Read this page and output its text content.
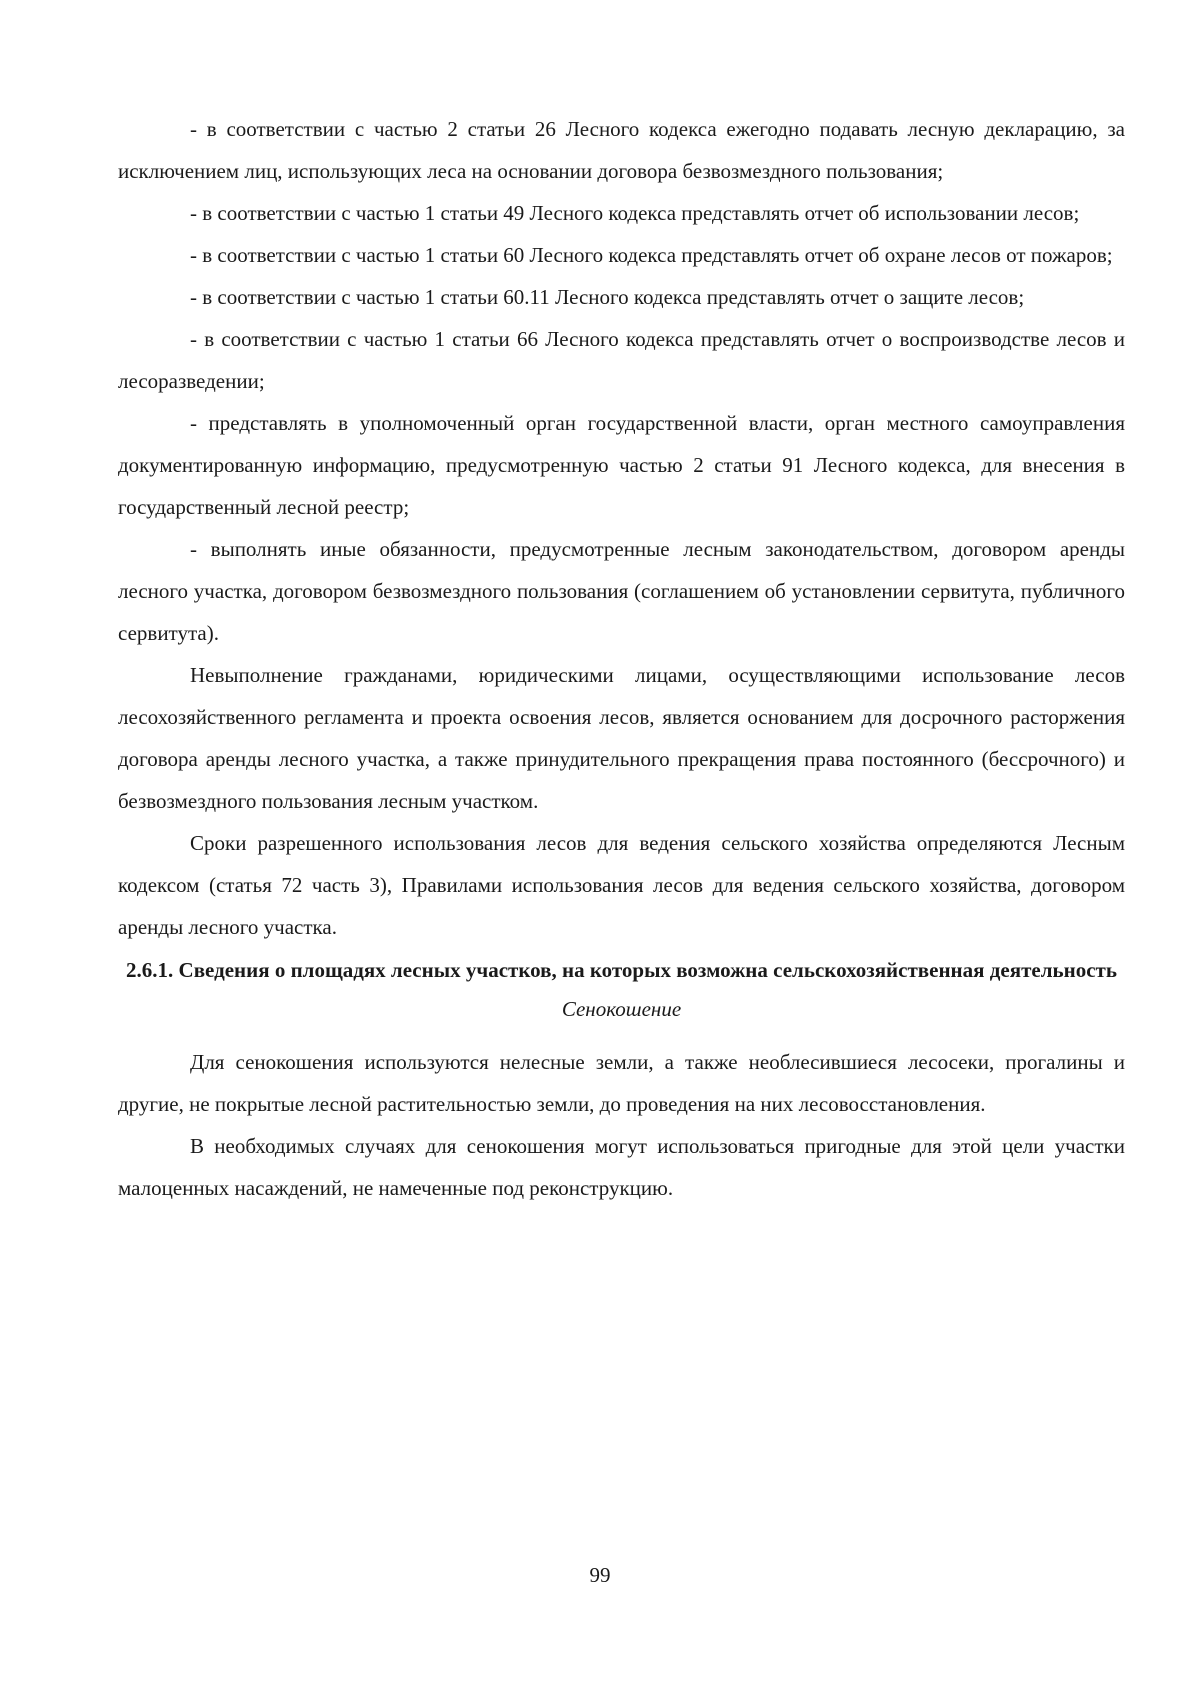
- в соответствии с частью 2 статьи 26 Лесного кодекса ежегодно подавать лесную декларацию, за исключением лиц, использующих леса на основании договора безвозмездного пользования;

- в соответствии с частью 1 статьи 49 Лесного кодекса представлять отчет об использовании лесов;

- в соответствии с частью 1 статьи 60 Лесного кодекса представлять отчет об охране лесов от пожаров;

- в соответствии с частью 1 статьи 60.11 Лесного кодекса представлять отчет о защите лесов;

- в соответствии с частью 1 статьи 66 Лесного кодекса представлять отчет о воспроизводстве лесов и лесоразведении;

- представлять в уполномоченный орган государственной власти, орган местного самоуправления документированную информацию, предусмотренную частью 2 статьи 91 Лесного кодекса, для внесения в государственный лесной реестр;

- выполнять иные обязанности, предусмотренные лесным законодательством, договором аренды лесного участка, договором безвозмездного пользования (соглашением об установлении сервитута, публичного сервитута).

Невыполнение гражданами, юридическими лицами, осуществляющими использование лесов лесохозяйственного регламента и проекта освоения лесов, является основанием для досрочного расторжения договора аренды лесного участка, а также принудительного прекращения права постоянного (бессрочного) и безвозмездного пользования лесным участком.

Сроки разрешенного использования лесов для ведения сельского хозяйства определяются Лесным кодексом (статья 72 часть 3), Правилами использования лесов для ведения сельского хозяйства, договором аренды лесного участка.

2.6.1. Сведения о площадях лесных участков, на которых возможна сельскохозяйственная деятельность
Сенокошение

Для сенокошения используются нелесные земли, а также необлесившиеся лесосеки, прогалины и другие, не покрытые лесной растительностью земли, до проведения на них лесовосстановления.

В необходимых случаях для сенокошения могут использоваться пригодные для этой цели участки малоценных насаждений, не намеченные под реконструкцию.

99
